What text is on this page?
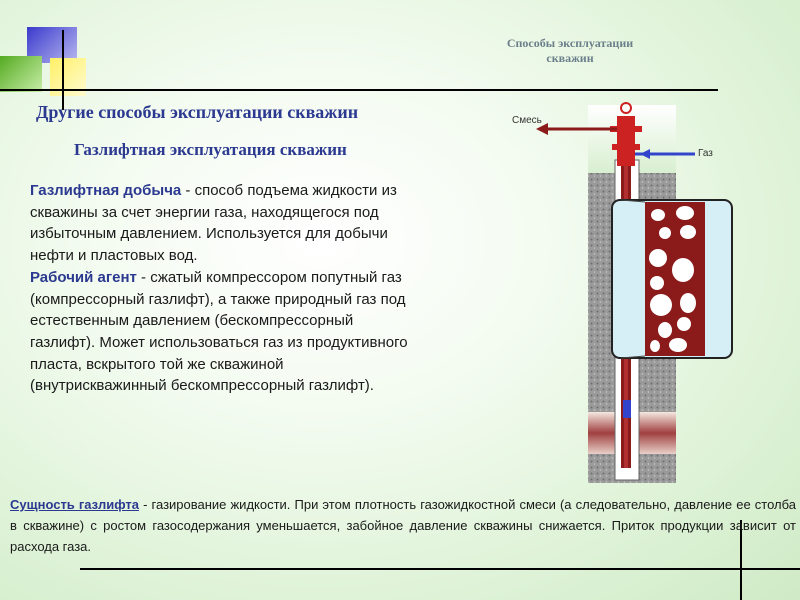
Способы эксплуатации
скважин
Другие способы эксплуатации скважин
Газлифтная эксплуатация скважин
Газлифтная добыча - способ подъема жидкости из скважины за счет энергии газа, находящегося под избыточным давлением. Используется для добычи нефти и пластовых вод.
Рабочий агент - сжатый компрессором попутный газ (компрессорный газлифт), а также природный газ под естественным давлением (бескомпрессорный газлифт). Может использоваться газ из продуктивного пласта, вскрытого той же скважиной (внутрискважинный бескомпрессорный газлифт).
Сущность газлифта - газирование жидкости. При этом плотность газожидкостной смеси (а следовательно, давление ее столба в скважине) с ростом газосодержания уменьшается, забойное давление скважины снижается. Приток продукции зависит от расхода газа.
Смесь
Газ
